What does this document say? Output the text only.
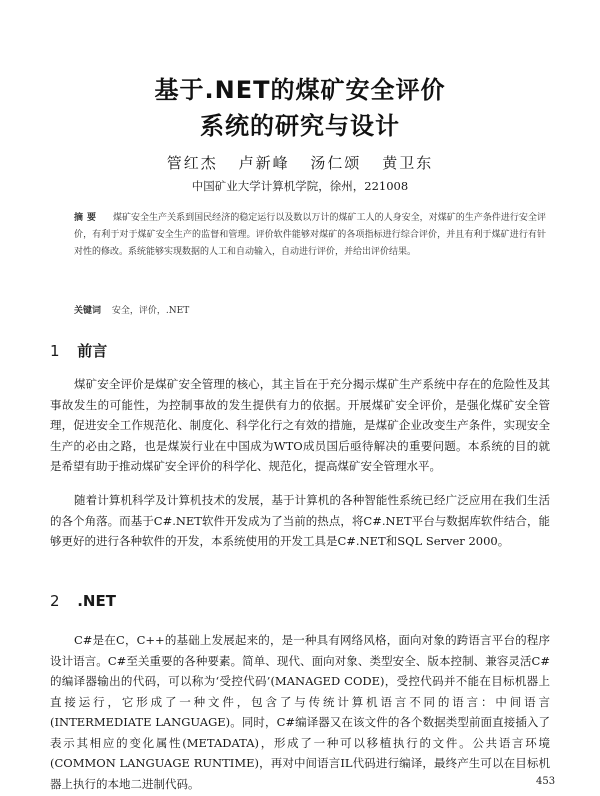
基于.NET的煤矿安全评价
系统的研究与设计
管红杰 卢新峰 汤仁颂 黄卫东
中国矿业大学计算机学院，徐州，221008
摘要 煤矿安全生产关系到国民经济的稳定运行以及数以万计的煤矿工人的人身安全，对煤矿的生产条件进行安全评价，有利于对于煤矿安全生产的监督和管理。评价软件能够对煤矿的各项指标进行综合评价，并且有利于煤矿进行有针对性的修改。系统能够实现数据的人工和自动输入，自动进行评价，并给出评价结果。
关键词 安全，评价，.NET
1 前言

煤矿安全评价是煤矿安全管理的核心，其主旨在于充分揭示煤矿生产系统中存在的危险性及其事故发生的可能性，为控制事故的发生提供有力的依据。开展煤矿安全评价，是强化煤矿安全管理，促进安全工作规范化、制度化、科学化行之有效的措施，是煤矿企业改变生产条件，实现安全生产的必由之路，也是煤炭行业在中国成为WTO成员国后亟待解决的重要问题。本系统的目的就是希望有助于推动煤矿安全评价的科学化、规范化，提高煤矿安全管理水平。

随着计算机科学及计算机技术的发展，基于计算机的各种智能性系统已经广泛应用在我们生活的各个角落。而基于C#.NET软件开发成为了当前的热点，将C#.NET平台与数据库软件结合，能够更好的进行各种软件的开发，本系统使用的开发工具是C#.NET和SQL Server 2000。

2 .NET

C#是在C，C++的基础上发展起来的，是一种具有网络风格，面向对象的跨语言平台的程序设计语言。C#至关重要的各种要素。简单、现代、面向对象、类型安全、版本控制、兼容灵活C#的编译器输出的代码，可以称为‘受控代码’(MANAGED CODE)，受控代码并不能在目标机器上直接运行，它形成了一种文件，包含了与传统计算机语言不同的语言：中间语言(INTERMEDIATE LANGUAGE)。同时，C#编译器又在该文件的各个数据类型前面直接插入了表示其相应的变化属性(METADATA)，形成了一种可以移植执行的文件。公共语言环境(COMMON LANGUAGE RUNTIME)，再对中间语言IL代码进行编译，最终产生可以在目标机器上执行的本地二进制代码。	453
